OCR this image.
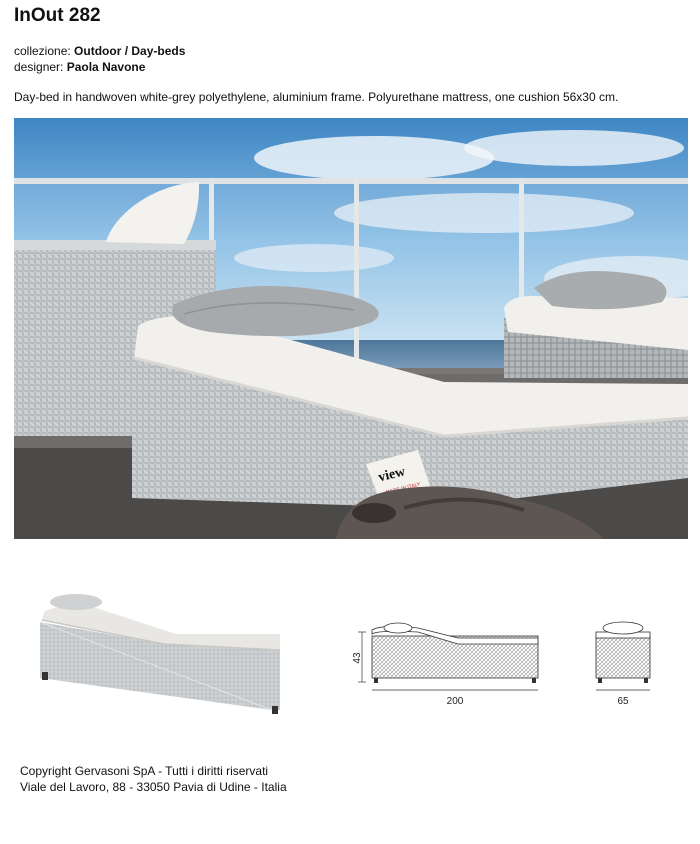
InOut 282
collezione: Outdoor / Day-beds
designer: Paola Navone
Day-bed in handwoven white-grey polyethylene, aluminium frame. Polyurethane mattress, one cushion 56x30 cm.
view
43
200	65
Copyright Gervasoni SpA - Tutti i diritti riservati
Viale del Lavoro, 88 - 33050 Pavia di Udine - Italia
